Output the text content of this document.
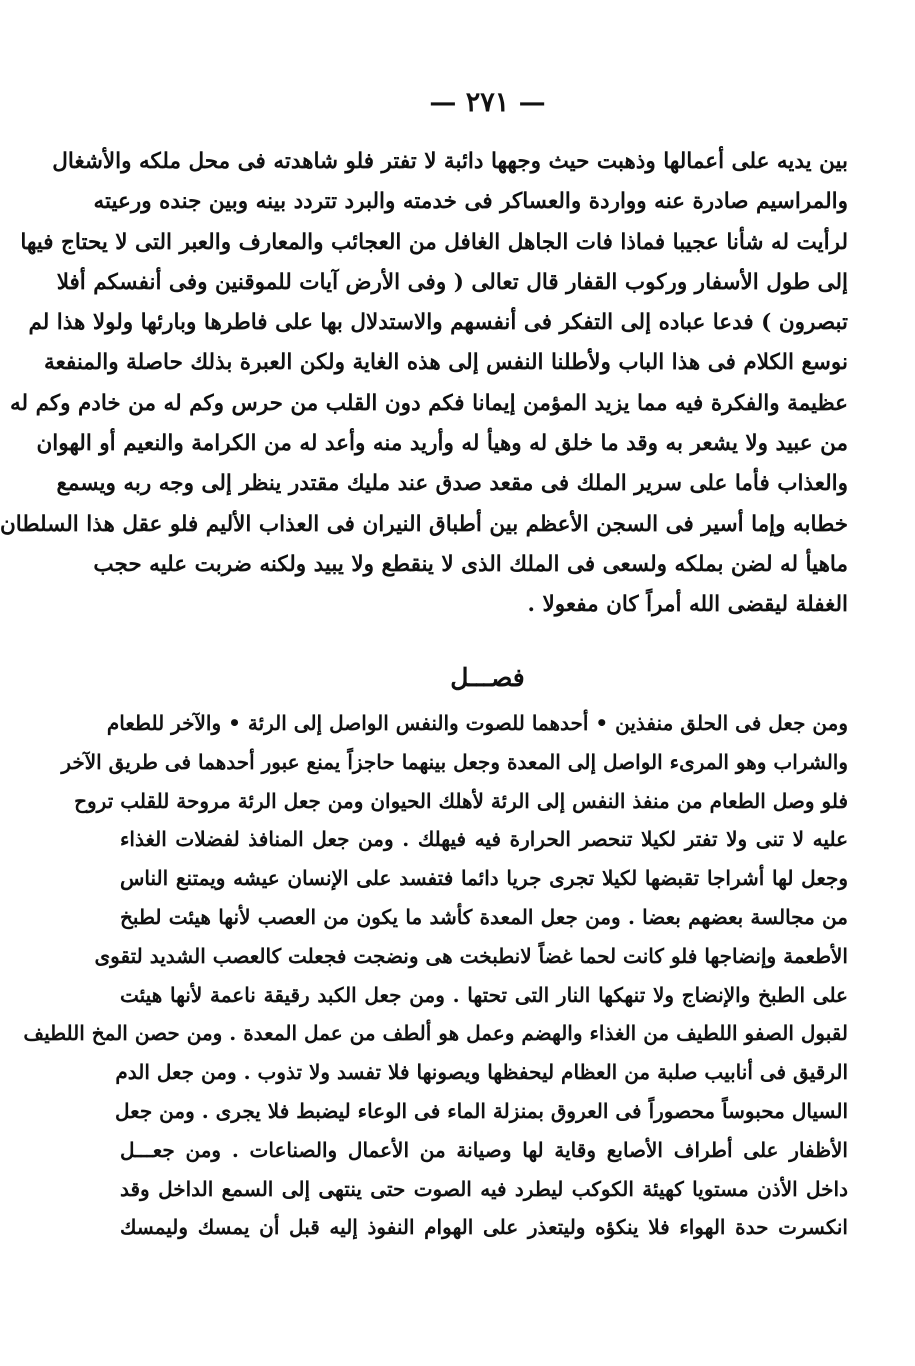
— ٢٧١ —
بين يديه على أعمالها وذهبت حيث وجهها دائبة لا تفتر فلو شاهدته فى محل ملكه والأشغال
والمراسيم صادرة عنه وواردة والعساكر فى خدمته والبرد تتردد بينه وبين جنده ورعيته
لرأيت له شأنا عجيبا فماذا فات الجاهل الغافل من العجائب والمعارف والعبر التى لا يحتاج فيها
إلى طول الأسفار وركوب القفار قال تعالى ( وفى الأرض آيات للموقنين وفى أنفسكم أفلا
تبصرون ) فدعا عباده إلى التفكر فى أنفسهم والاستدلال بها على فاطرها وبارئها ولولا هذا لم
نوسع الكلام فى هذا الباب ولأطلنا النفس إلى هذه الغاية ولكن العبرة بذلك حاصلة والمنفعة
عظيمة والفكرة فيه مما يزيد المؤمن إيمانا فكم دون القلب من حرس وكم له من خادم وكم له
من عبيد ولا يشعر به وقد ما خلق له وهيأ له وأريد منه وأعد له من الكرامة والنعيم أو الهوان
والعذاب فأما على سرير الملك فى مقعد صدق عند مليك مقتدر ينظر إلى وجه ربه ويسمع
خطابه وإما أسير فى السجن الأعظم بين أطباق النيران فى العذاب الأليم فلو عقل هذا السلطان
ماهيأ له لضن بملكه ولسعى فى الملك الذى لا ينقطع ولا يبيد ولكنه ضربت عليه حجب
الغفلة ليقضى الله أمراً كان مفعولا .
فصـــل
ومن جعل فى الحلق منفذين • أحدهما للصوت والنفس الواصل إلى الرئة • والآخر للطعام
والشراب وهو المرىء الواصل إلى المعدة وجعل بينهما حاجزاً يمنع عبور أحدهما فى طريق الآخر
فلو وصل الطعام من منفذ النفس إلى الرئة لأهلك الحيوان ومن جعل الرئة مروحة للقلب تروح
عليه لا تنى ولا تفتر لكيلا تنحصر الحرارة فيه فيهلك . ومن جعل المنافذ لفضلات الغذاء
وجعل لها أشراجا تقبضها لكيلا تجرى جريا دائما فتفسد على الإنسان عيشه ويمتنع الناس
من مجالسة بعضهم بعضا . ومن جعل المعدة كأشد ما يكون من العصب لأنها هيئت لطبخ
الأطعمة وإنضاجها فلو كانت لحما غضاً لانطبخت هى ونضجت فجعلت كالعصب الشديد لتقوى
على الطبخ والإنضاج ولا تنهكها النار التى تحتها . ومن جعل الكبد رقيقة ناعمة لأنها هيئت
لقبول الصفو اللطيف من الغذاء والهضم وعمل هو ألطف من عمل المعدة . ومن حصن المخ اللطيف
الرقيق فى أنابيب صلبة من العظام ليحفظها ويصونها فلا تفسد ولا تذوب . ومن جعل الدم
السيال محبوساً محصوراً فى العروق بمنزلة الماء فى الوعاء ليضبط فلا يجرى . ومن جعل
الأظفار على أطراف الأصابع وقاية لها وصيانة من الأعمال والصناعات . ومن جعـــل
داخل الأذن مستويا كهيئة الكوكب ليطرد فيه الصوت حتى ينتهى إلى السمع الداخل وقد
انكسرت حدة الهواء فلا ينكؤه وليتعذر على الهوام النفوذ إليه قبل أن يمسك وليمسك
